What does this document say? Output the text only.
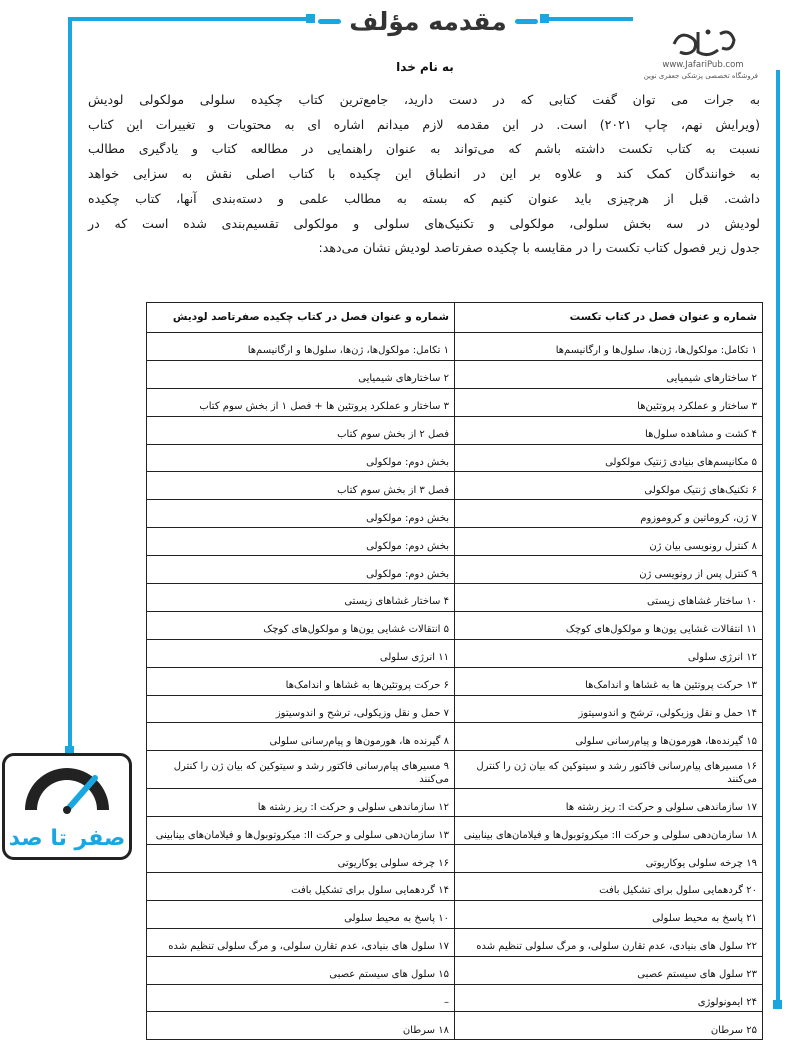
مقدمه مؤلف
www.JafariPub.com
فروشگاه تخصصی پزشکی جعفری نوین
به نام خدا
به جرات می توان گفت کتابی که در دست دارید، جامع‌ترین کتاب چکیده سلولی مولکولی لودیش
(ویرایش نهم، چاپ ۲۰۲۱) است. در این مقدمه لازم میدانم اشاره ای به محتویات و تغییرات این کتاب
نسبت به کتاب تکست داشته باشم که می‌تواند به عنوان راهنمایی در مطالعه کتاب و یادگیری مطالب
به خوانندگان کمک کند و علاوه بر این در انطباق این چکیده با کتاب اصلی نقش به سزایی خواهد
داشت. قبل از هرچیزی باید عنوان کنیم که بسته به مطالب علمی و دسته‌بندی آنها، کتاب چکیده
لودیش در سه بخش سلولی، مولکولی و تکنیک‌های سلولی و مولکولی تقسیم‌بندی شده است که در
جدول زیر فصول کتاب تکست را در مقایسه با چکیده صفرتاصد لودیش نشان می‌دهد:
شماره و عنوان فصل در کتاب تکست	شماره و عنوان فصل در کتاب چکیده صفرتاصد لودیش
۱ تکامل: مولکول‌ها، ژن‌ها، سلول‌ها و ارگانیسم‌ها	۱ تکامل: مولکول‌ها، ژن‌ها، سلول‌ها و ارگانیسم‌ها
۲ ساختارهای شیمیایی	۲ ساختارهای شیمیایی
۳ ساختار و عملکرد پروتئین‌ها	۳ ساختار و عملکرد پروتئین ها + فصل ۱ از بخش سوم کتاب
۴ کشت و مشاهده سلول‌ها	فصل ۲ از بخش سوم کتاب
۵ مکانیسم‌های بنیادی ژنتیک مولکولی	بخش دوم: مولکولی
۶ تکنیک‌های ژنتیک مولکولی	فصل ۳ از بخش سوم کتاب
۷ ژن، کروماتین و کروموزوم	بخش دوم: مولکولی
۸ کنترل رونویسی بیان ژن	بخش دوم: مولکولی
۹ کنترل پس از رونویسی ژن	بخش دوم: مولکولی
۱۰ ساختار غشاهای زیستی	۴ ساختار غشاهای زیستی
۱۱ انتقالات غشایی یون‌ها و مولکول‌های کوچک	۵ انتقالات غشایی یون‌ها و مولکول‌های کوچک
۱۲ انرژی سلولی	۱۱ انرژی سلولی
۱۳ حرکت پروتئین ها به غشاها و اندامک‌ها	۶ حرکت پروتئین‌ها به غشاها و اندامک‌ها
۱۴ حمل و نقل وزیکولی، ترشح و اندوسیتوز	۷ حمل و نقل وزیکولی، ترشح و اندوسیتوز
۱۵ گیرنده‌ها، هورمون‌ها و پیام‌رسانی سلولی	۸ گیرنده ها، هورمون‌ها و پیام‌رسانی سلولی
۱۶ مسیرهای پیام‌رسانی فاکتور رشد و سیتوکین که بیان ژن را کنترل می‌کنند	۹ مسیرهای پیام‌رسانی فاکتور رشد و سیتوکین که بیان ژن را کنترل می‌کنند
۱۷ سازماندهی سلولی و حرکت I: ریز رشته ها	۱۲ سازماندهی سلولی و حرکت I: ریز رشته ها
۱۸ سازمان‌دهی سلولی و حرکت II: میکروتوبول‌ها و فیلامان‌های بینابینی	۱۳ سازمان‌دهی سلولی و حرکت II: میکروتوبول‌ها و فیلامان‌های بینابینی
۱۹ چرخه سلولی یوکاریوتی	۱۶ چرخه سلولی یوکاریوتی
۲۰ گردهمایی سلول برای تشکیل بافت	۱۴ گردهمایی سلول برای تشکیل بافت
۲۱ پاسخ به محیط سلولی	۱۰ پاسخ به محیط سلولی
۲۲ سلول های بنیادی، عدم تقارن سلولی، و مرگ سلولی تنظیم شده	۱۷ سلول های بنیادی، عدم تقارن سلولی، و مرگ سلولی تنظیم شده
۲۳ سلول های سیستم عصبی	۱۵ سلول های سیستم عصبی
۲۴ ایمونولوژی	–
۲۵ سرطان	۱۸ سرطان
صفر تا صد
